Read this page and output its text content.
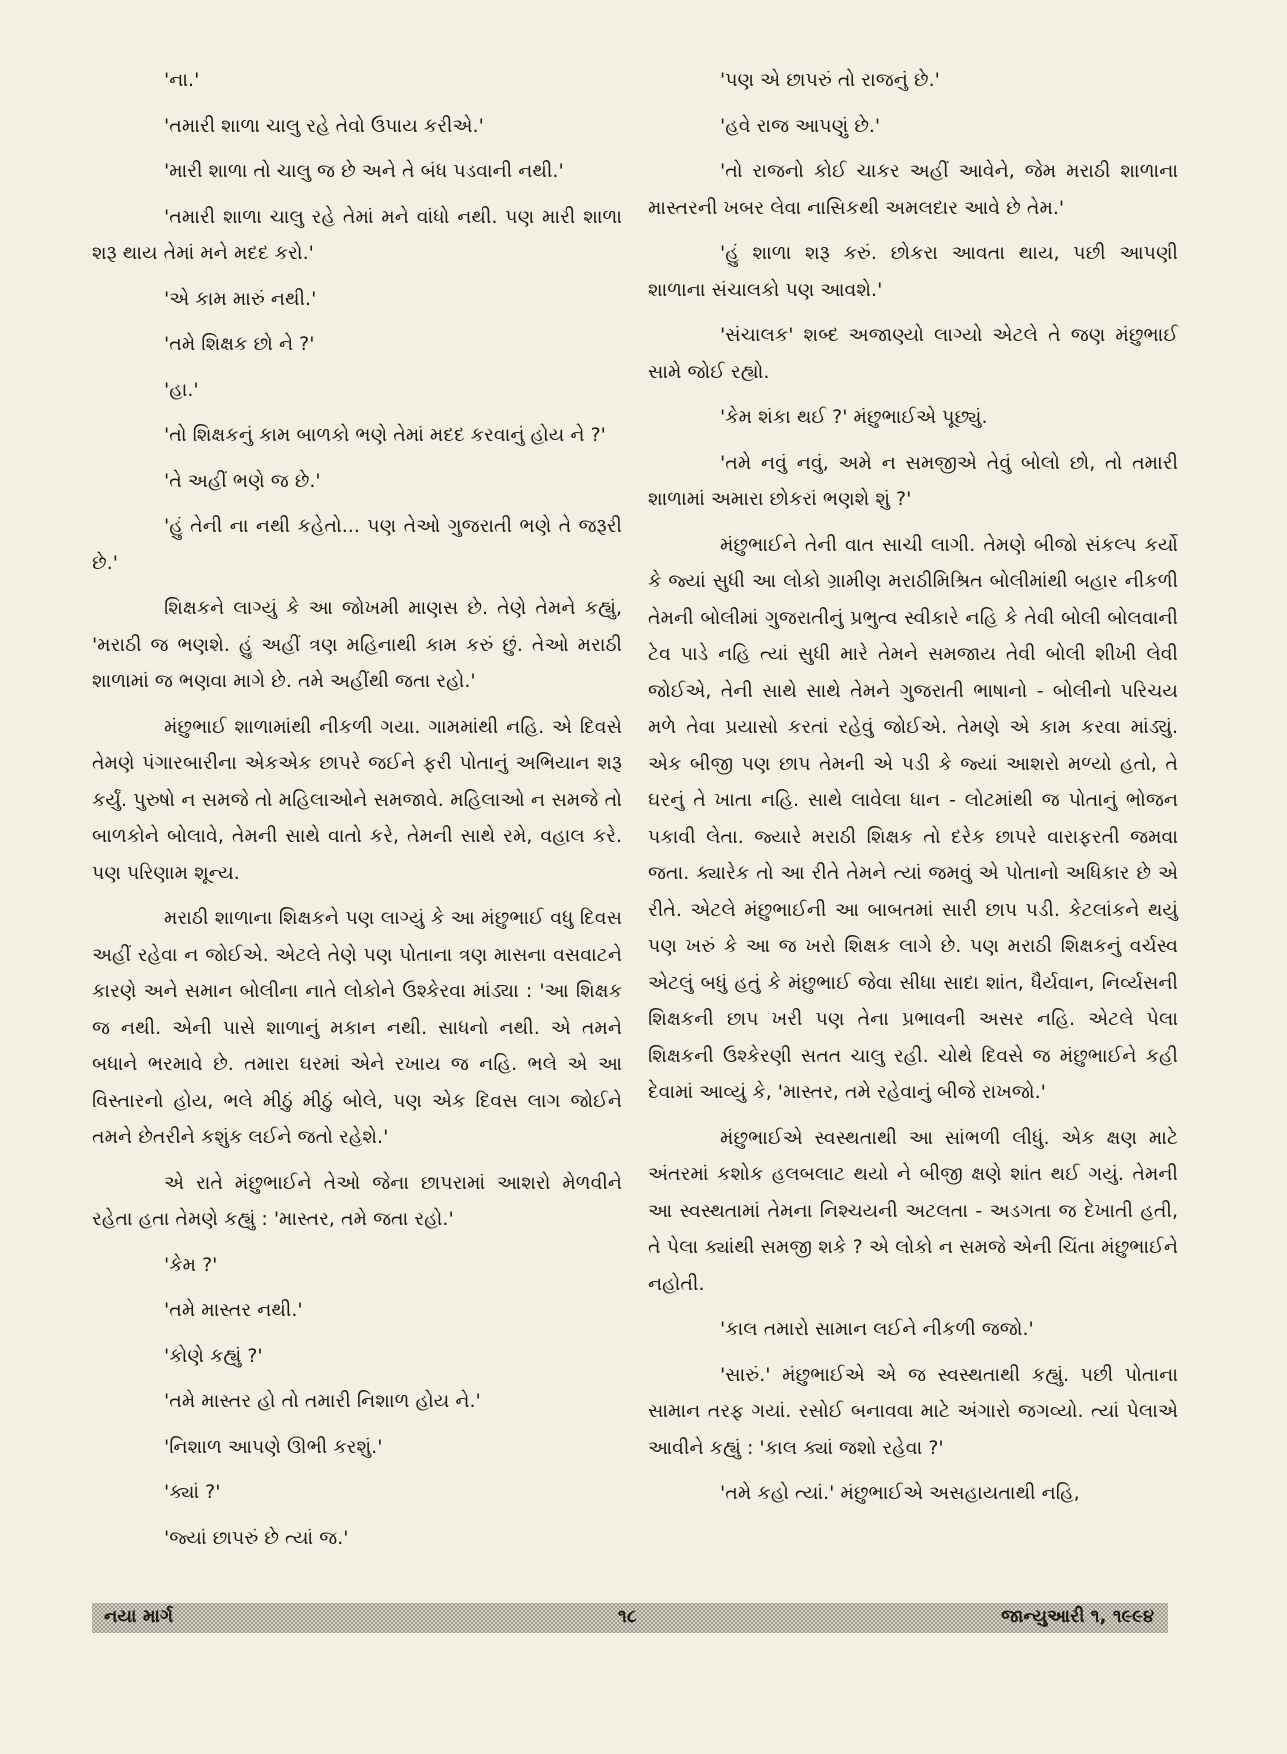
'ના.'

'તમારી શાળા ચાલુ રહે તેવો ઉપાય કરીએ.'

'મારી શાળા તો ચાલુ જ છે અને તે બંધ પડવાની નથી.'

'તમારી શાળા ચાલુ રહે તેમાં મને વાંધો નથી. પણ મારી શાળા શરૂ થાય તેમાં મને મદદ કરો.'

'એ કામ મારું નથી.'

'તમે શિક્ષક છો ને ?'

'હા.'

'તો શિક્ષકનું કામ બાળકો ભણે તેમાં મદદ કરવાનું હોય ને ?'

'તે અહીં ભણે જ છે.'

'હું તેની ના નથી કહેતો... પણ તેઓ ગુજરાતી ભણે તે જરૂરી છે.'

શિક્ષકને લાગ્યું કે આ જોખમી માણસ છે. તેણે તેમને કહ્યું, 'મરાઠી જ ભણશે. હું અહીં ત્રણ મહિનાથી કામ કરું છું. તેઓ મરાઠી શાળામાં જ ભણવા માગે છે. તમે અહીંથી જતા રહો.'

મંછુભાઈ શાળામાંથી નીકળી ગયા. ગામમાંથી નહિ. એ દિવસે તેમણે પંગારબારીના એકએક છાપરે જઈને ફરી પોતાનું અભિયાન શરૂ કર્યું. પુરુષો ન સમજે તો મહિલાઓને સમજાવે. મહિલાઓ ન સમજે તો બાળકોને બોલાવે, તેમની સાથે વાતો કરે, તેમની સાથે રમે, વહાલ કરે. પણ પરિણામ શૂન્ય.

મરાઠી શાળાના શિક્ષકને પણ લાગ્યું કે આ મંછુભાઈ વધુ દિવસ અહીં રહેવા ન જોઈએ. એટલે તેણે પણ પોતાના ત્રણ માસના વસવાટને કારણે અને સમાન બોલીના નાતે લોકોને ઉશ્કેરવા માંડ્યા : 'આ શિક્ષક જ નથી. એની પાસે શાળાનું મકાન નથી. સાધનો નથી. એ તમને બધાને ભરમાવે છે. તમારા ઘરમાં એને રખાય જ નહિ. ભલે એ આ વિસ્તારનો હોય, ભલે મીઠું મીઠું બોલે, પણ એક દિવસ લાગ જોઈને તમને છેતરીને કશુંક લઈને જતો રહેશે.'

એ રાતે મંછુભાઈને તેઓ જેના છાપરામાં આશરો મેળવીને રહેતા હતા તેમણે કહ્યું : 'માસ્તર, તમે જતા રહો.'

'કેમ ?'

'તમે માસ્તર નથી.'

'કોણે કહ્યું ?'

'તમે માસ્તર હો તો તમારી નિશાળ હોય ને.'

'નિશાળ આપણે ઊભી કરશું.'

'ક્યાં ?'

'જ્યાં છાપરું છે ત્યાં જ.'

'પણ એ છાપરું તો રાજનું છે.'

'હવે રાજ આપણું છે.'

'તો રાજનો કોઈ ચાકર અહીં આવેને, જેમ મરાઠી શાળાના માસ્તરની ખબર લેવા નાસિકથી અમલદાર આવે છે તેમ.'

'હું શાળા શરૂ કરું. છોકરા આવતા થાય, પછી આપણી શાળાના સંચાલકો પણ આવશે.'

'સંચાલક' શબ્દ અજાણ્યો લાગ્યો એટલે તે જણ મંછુભાઈ સામે જોઈ રહ્યો.

'કેમ શંકા થઈ ?' મંછુભાઈએ પૂછ્યું.

'તમે નવું નવું, અમે ન સમજીએ તેવું બોલો છો, તો તમારી શાળામાં અમારા છોકરાં ભણશે શું ?'

મંછુભાઈને તેની વાત સાચી લાગી. તેમણે બીજો સંકલ્પ કર્યો કે જ્યાં સુધી આ લોકો ગ્રામીણ મરાઠીમિશ્રિત બોલીમાંથી બહાર નીકળી તેમની બોલીમાં ગુજરાતીનું પ્રભુત્વ સ્વીકારે નહિ કે તેવી બોલી બોલવાની ટેવ પાડે નહિ ત્યાં સુધી મારે તેમને સમજાય તેવી બોલી શીખી લેવી જોઈએ, તેની સાથે સાથે તેમને ગુજરાતી ભાષાનો - બોલીનો પરિચય મળે તેવા પ્રયાસો કરતાં રહેવું જોઈએ. તેમણે એ કામ કરવા માંડ્યું. એક બીજી પણ છાપ તેમની એ પડી કે જ્યાં આશરો મળ્યો હતો, તે ઘરનું તે ખાતા નહિ. સાથે લાવેલા ધાન - લોટમાંથી જ પોતાનું ભોજન પકાવી લેતા. જ્યારે મરાઠી શિક્ષક તો દરેક છાપરે વારાફરતી જમવા જતા. ક્યારેક તો આ રીતે તેમને ત્યાં જમવું એ પોતાનો અધિકાર છે એ રીતે. એટલે મંછુભાઈની આ બાબતમાં સારી છાપ પડી. કેટલાંકને થયું પણ ખરું કે આ જ ખરો શિક્ષક લાગે છે. પણ મરાઠી શિક્ષકનું વર્ચસ્વ એટલું બધું હતું કે મંછુભાઈ જેવા સીધા સાદા શાંત, ધૈર્યવાન, નિર્વ્યસની શિક્ષકની છાપ ખરી પણ તેના પ્રભાવની અસર નહિ. એટલે પેલા શિક્ષકની ઉશ્કેરણી સતત ચાલુ રહી. ચોથે દિવસે જ મંછુભાઈને કહી દેવામાં આવ્યું કે, 'માસ્તર, તમે રહેવાનું બીજે રાખજો.'

મંછુભાઈએ સ્વસ્થતાથી આ સાંભળી લીધું. એક ક્ષણ માટે અંતરમાં કશોક હલબલાટ થયો ને બીજી ક્ષણે શાંત થઈ ગયું. તેમની આ સ્વસ્થતામાં તેમના નિશ્ચયની અટલતા - અડગતા જ દેખાતી હતી, તે પેલા ક્યાંથી સમજી શકે ? એ લોકો ન સમજે એની ચિંતા મંછુભાઈને નહોતી.

'કાલ તમારો સામાન લઈને નીકળી જજો.'

'સારું.' મંછુભાઈએ એ જ સ્વસ્થતાથી કહ્યું. પછી પોતાના સામાન તરફ ગયાં. રસોઈ બનાવવા માટે અંગારો જગવ્યો. ત્યાં પેલાએ આવીને કહ્યું : 'કાલ ક્યાં જશો રહેવા ?'

'તમે કહો ત્યાં.' મંછુભાઈએ અસહાયતાથી નહિ,

નયા માર્ગ	૧૮	જાન્યુઆરી ૧, ૧૯૯૪
